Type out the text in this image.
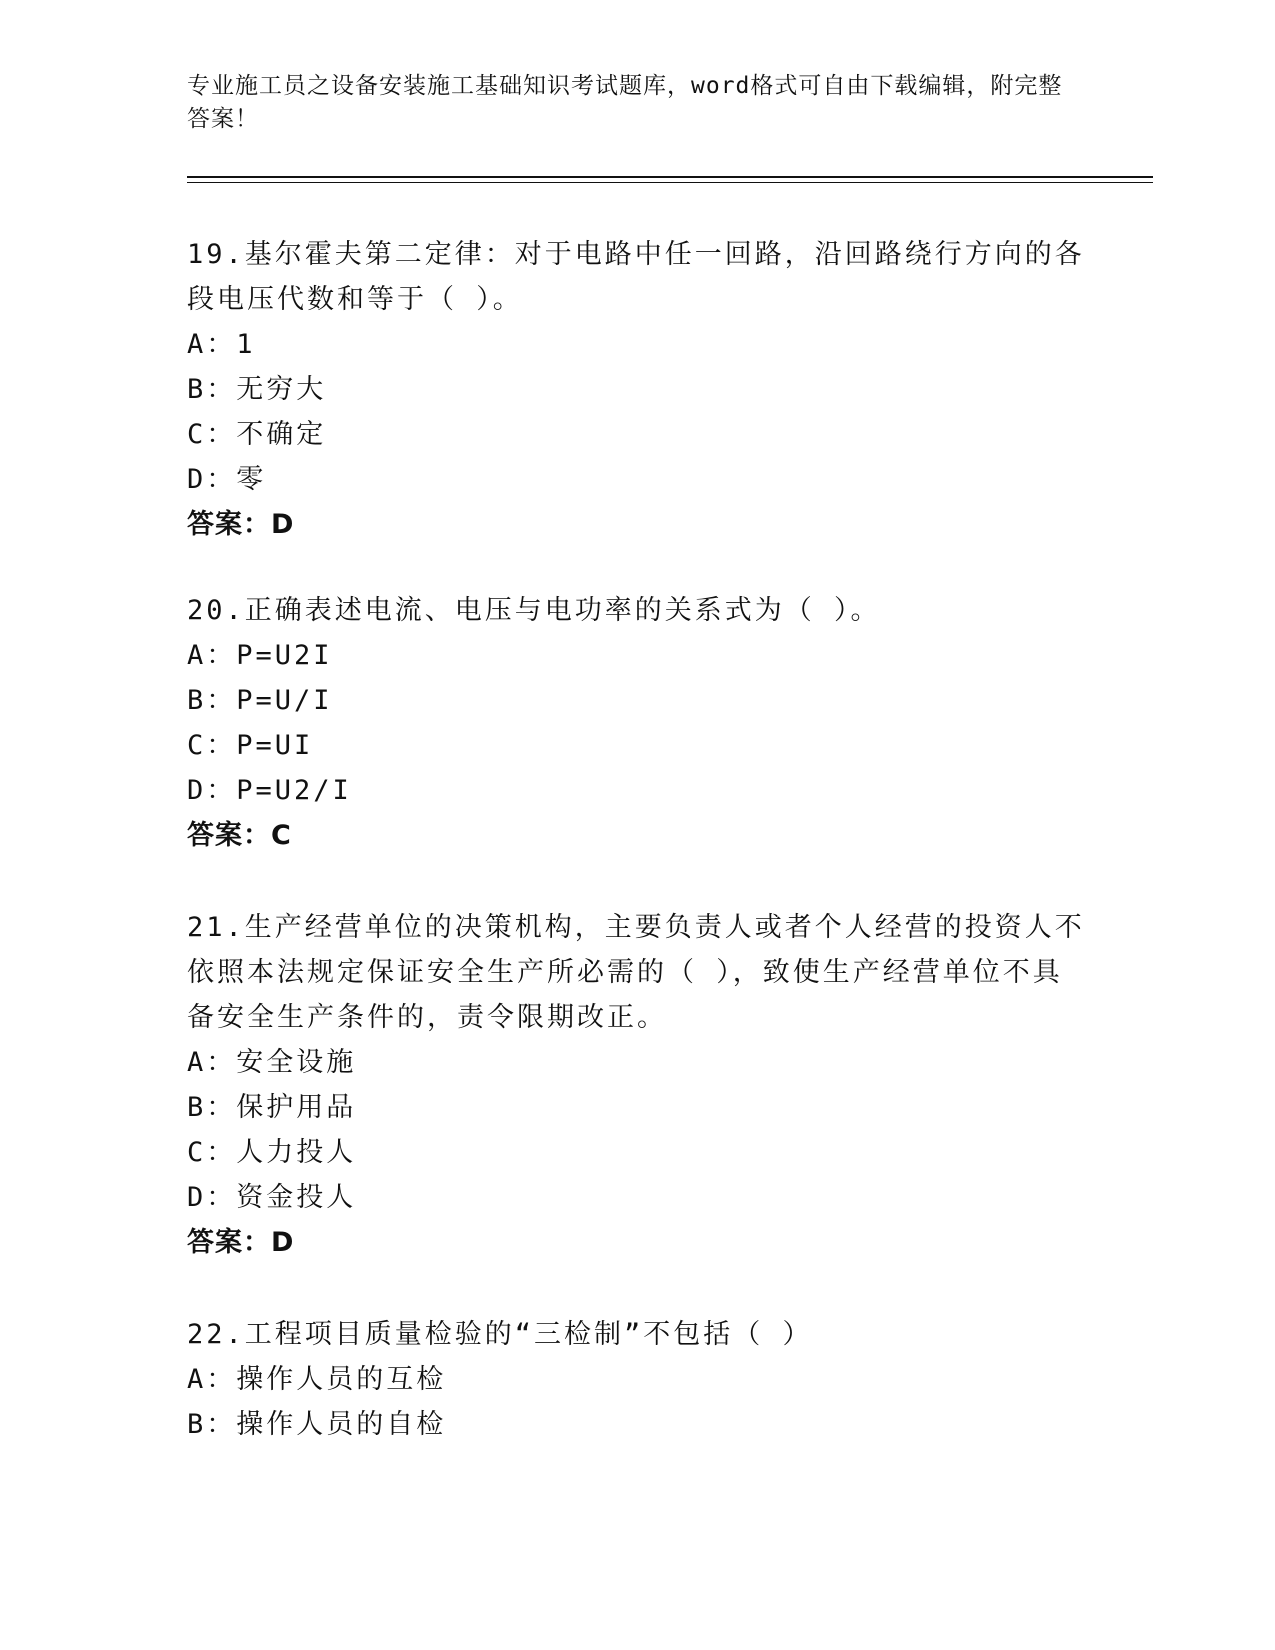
专业施工员之设备安装施工基础知识考试题库，word格式可自由下载编辑，附完整答案！

19.基尔霍夫第二定律：对于电路中任一回路，沿回路绕行方向的各段电压代数和等于（ ）。

A：1

B：无穷大

C：不确定

D：零

答案：D

20.正确表述电流、电压与电功率的关系式为（ ）。

A：P=U2I

B：P=U/I

C：P=UI

D：P=U2/I

答案：C

21.生产经营单位的决策机构，主要负责人或者个人经营的投资人不依照本法规定保证安全生产所必需的（ ），致使生产经营单位不具备安全生产条件的，责令限期改正。

A：安全设施

B：保护用品

C：人力投人

D：资金投人

答案：D

22.工程项目质量检验的“三检制”不包括（ ）

A：操作人员的互检

B：操作人员的自检
